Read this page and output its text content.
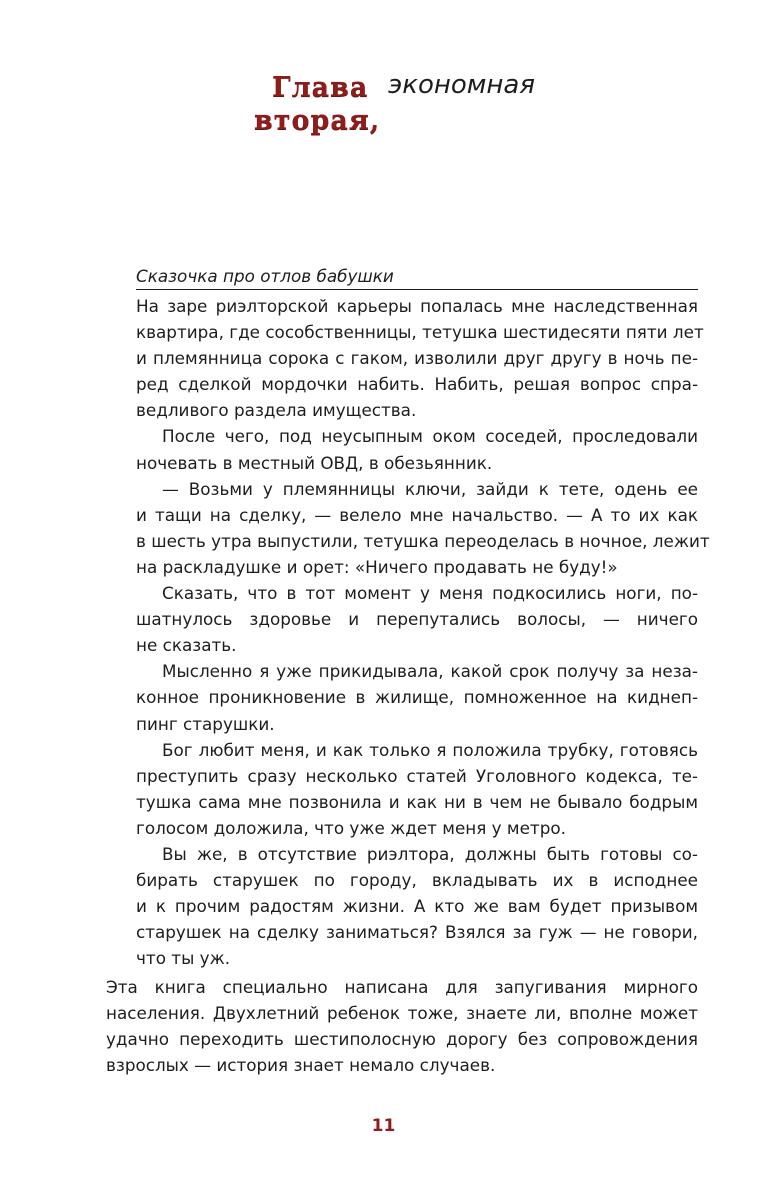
Глава
вторая,
экономная
Сказочка про отлов бабушки

На заре риэлторской карьеры попалась мне наследственная
квартира, где сособственницы, тетушка шестидесяти пяти лет
и племянница сорока с гаком, изволили друг другу в ночь пе-
ред сделкой мордочки набить. Набить, решая вопрос спра-
ведливого раздела имущества.

После чего, под неусыпным оком соседей, проследовали
ночевать в местный ОВД, в обезьянник.

— Возьми у племянницы ключи, зайди к тете, одень ее
и тащи на сделку, — велело мне начальство. — А то их как
в шесть утра выпустили, тетушка переоделась в ночное, лежит
на раскладушке и орет: «Ничего продавать не буду!»

Сказать, что в тот момент у меня подкосились ноги, по-
шатнулось здоровье и перепутались волосы, — ничего
не сказать.

Мысленно я уже прикидывала, какой срок получу за неза-
конное проникновение в жилище, помноженное на киднеп-
пинг старушки.

Бог любит меня, и как только я положила трубку, готовясь
преступить сразу несколько статей Уголовного кодекса, те-
тушка сама мне позвонила и как ни в чем не бывало бодрым
голосом доложила, что уже ждет меня у метро.

Вы же, в отсутствие риэлтора, должны быть готовы со-
бирать старушек по городу, вкладывать их в исподнее
и к прочим радостям жизни. А кто же вам будет призывом
старушек на сделку заниматься? Взялся за гуж — не говори,
что ты уж.

Эта книга специально написана для запугивания мирного
населения. Двухлетний ребенок тоже, знаете ли, вполне может
удачно переходить шестиполосную дорогу без сопровождения
взрослых — история знает немало случаев.

11
